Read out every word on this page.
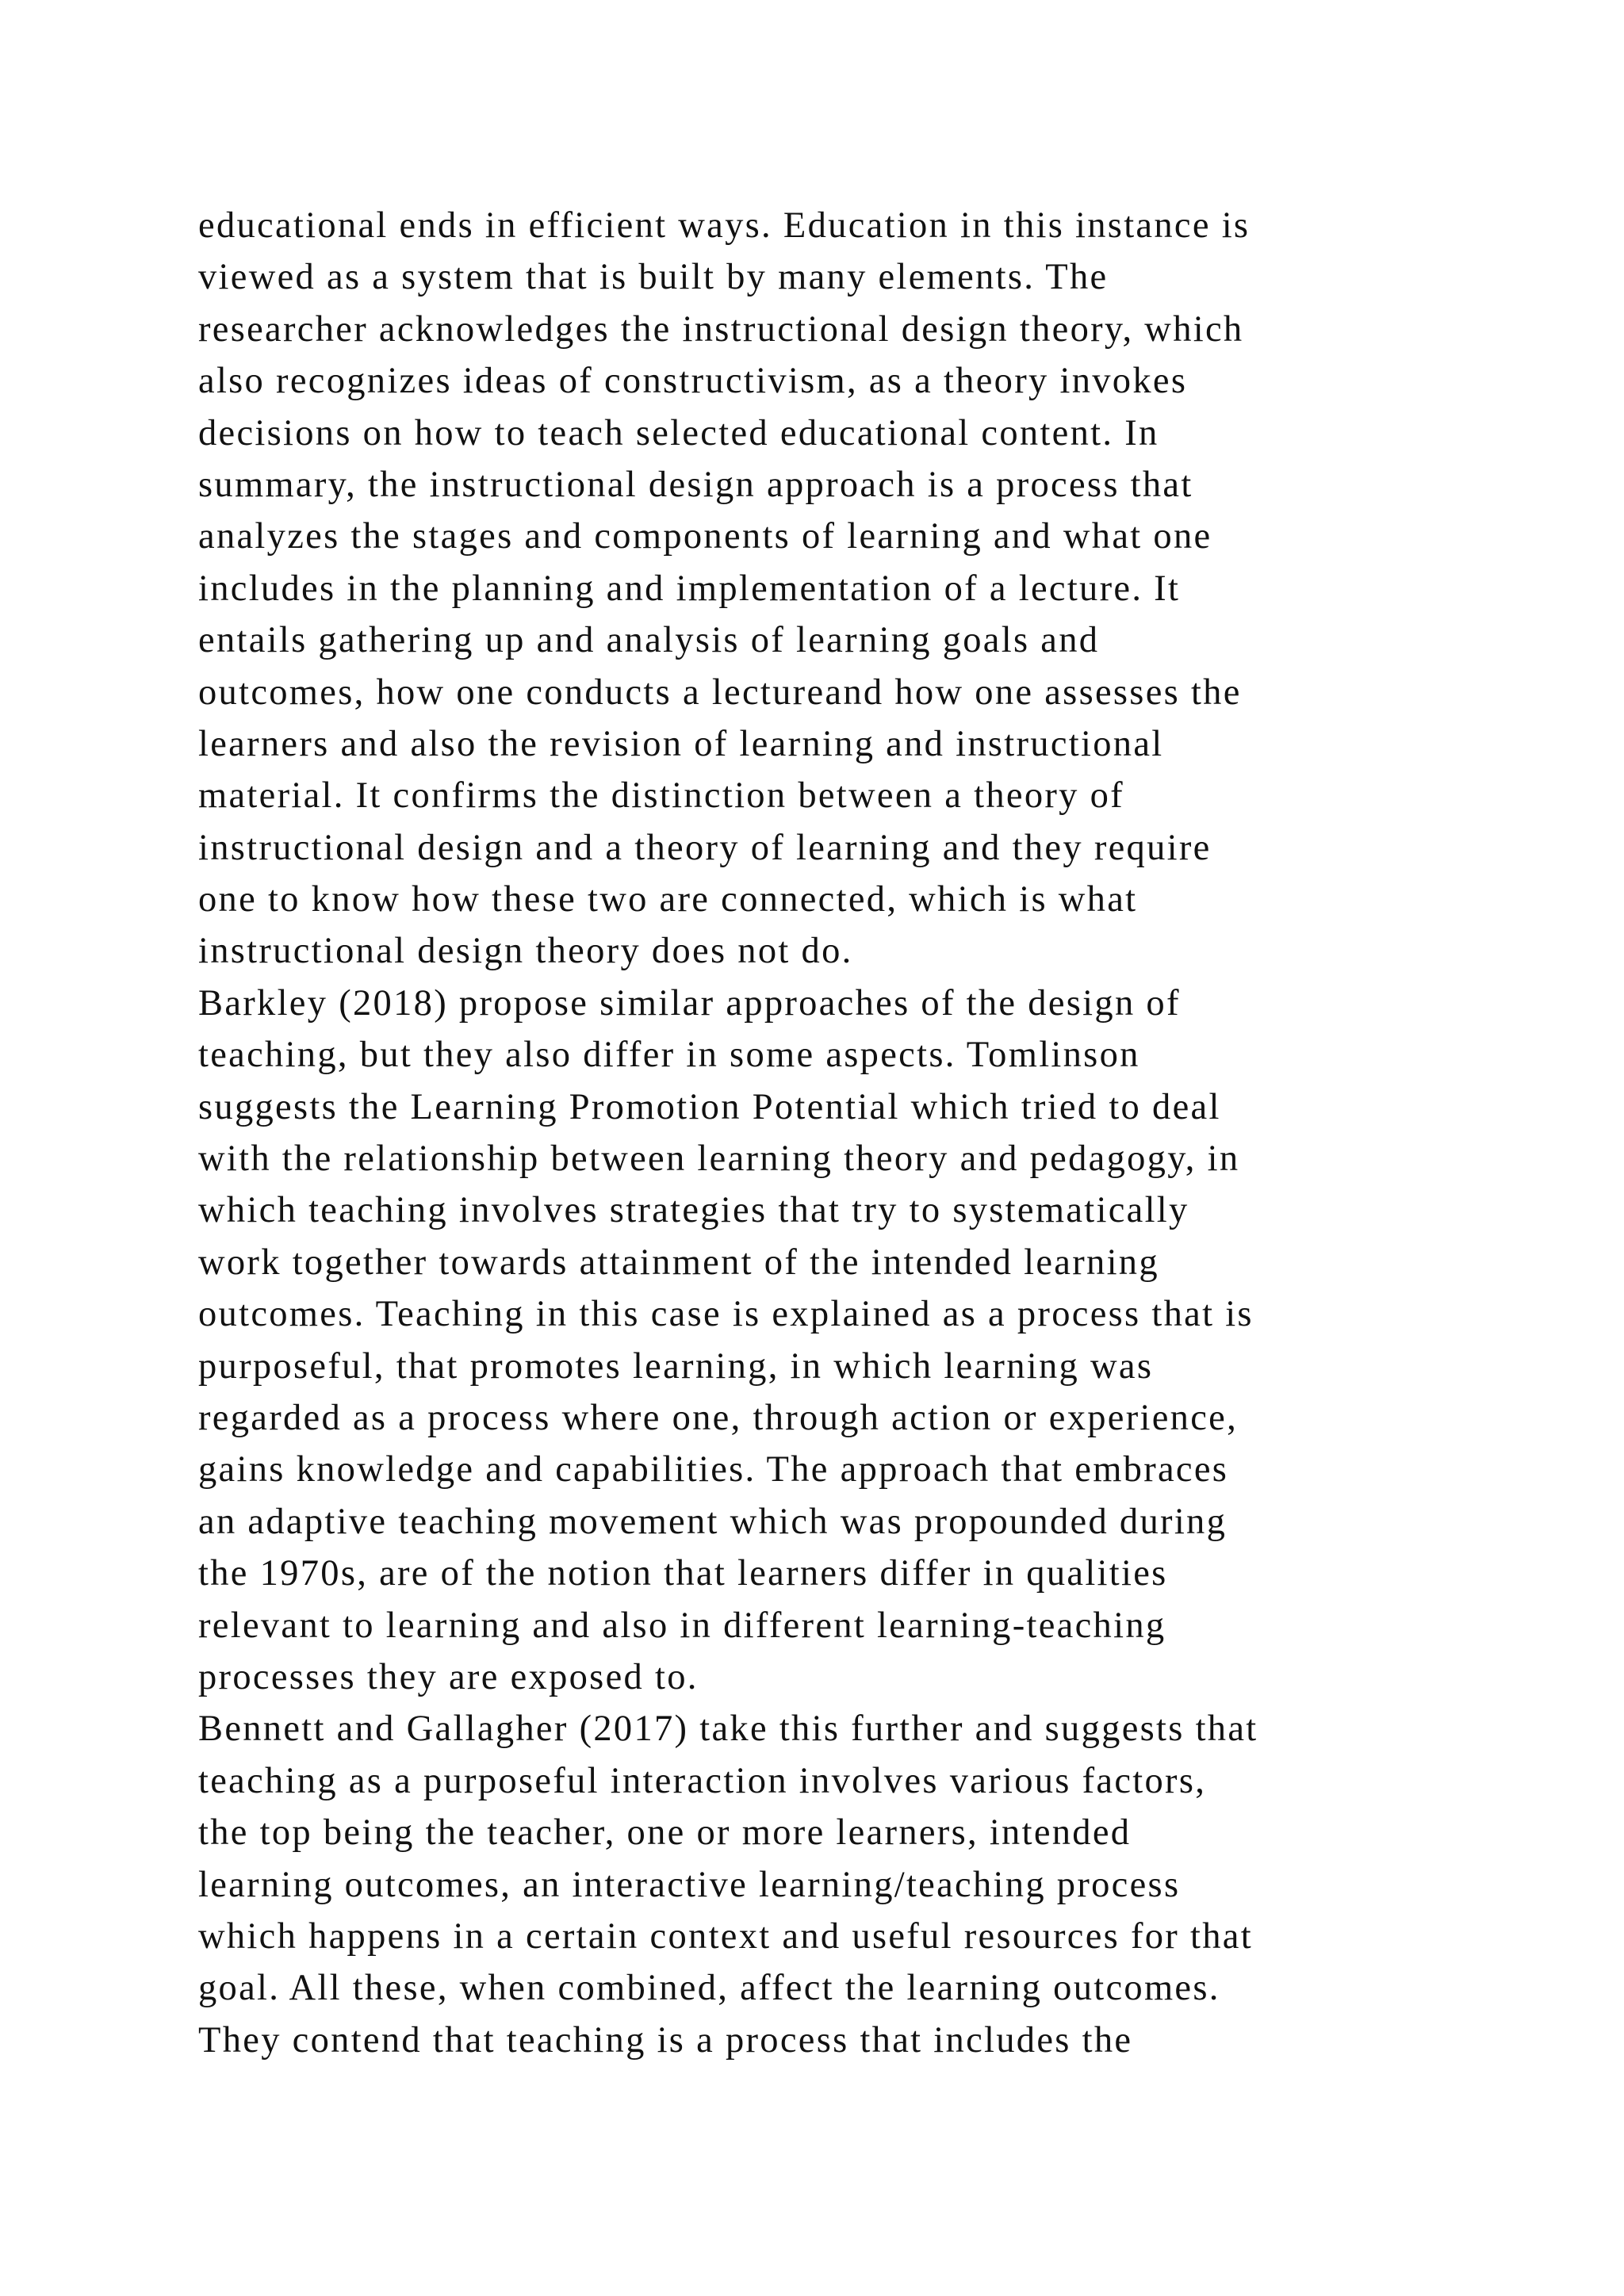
educational ends in efficient ways. Education in this instance is
viewed as a system that is built by many elements. The
researcher acknowledges the instructional design theory, which
also recognizes ideas of constructivism, as a theory invokes
decisions on how to teach selected educational content. In
summary, the instructional design approach is a process that
analyzes the stages and components of learning and what one
includes in the planning and implementation of a lecture. It
entails gathering up and analysis of learning goals and
outcomes, how one conducts a lectureand how one assesses the
learners and also the revision of learning and instructional
material. It confirms the distinction between a theory of
instructional design and a theory of learning and they require
one to know how these two are connected, which is what
instructional design theory does not do.
Barkley (2018) propose similar approaches of the design of
teaching, but they also differ in some aspects. Tomlinson
suggests the Learning Promotion Potential which tried to deal
with the relationship between learning theory and pedagogy, in
which teaching involves strategies that try to systematically
work together towards attainment of the intended learning
outcomes. Teaching in this case is explained as a process that is
purposeful, that promotes learning, in which learning was
regarded as a process where one, through action or experience,
gains knowledge and capabilities. The approach that embraces
an adaptive teaching movement which was propounded during
the 1970s, are of the notion that learners differ in qualities
relevant to learning and also in different learning-teaching
processes they are exposed to.
Bennett and Gallagher (2017) take this further and suggests that
teaching as a purposeful interaction involves various factors,
the top being the teacher, one or more learners, intended
learning outcomes, an interactive learning/teaching process
which happens in a certain context and useful resources for that
goal. All these, when combined, affect the learning outcomes.
They contend that teaching is a process that includes the
